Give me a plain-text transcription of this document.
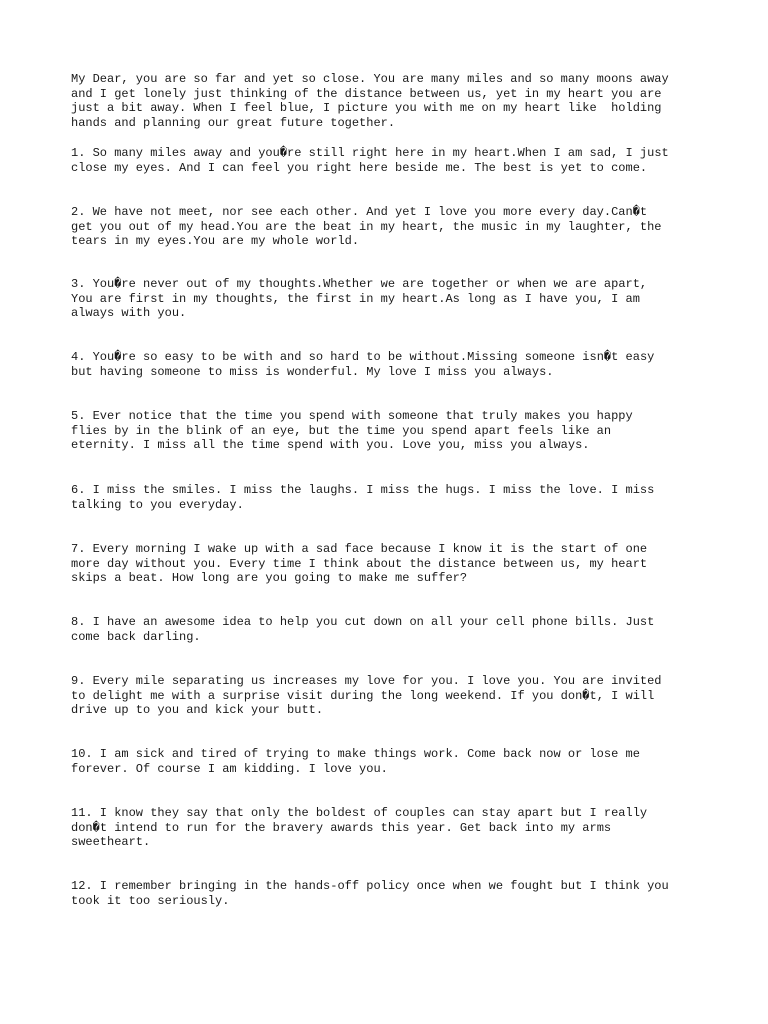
My Dear, you are so far and yet so close. You are many miles and so many moons away
and I get lonely just thinking of the distance between us, yet in my heart you are
just a bit away. When I feel blue, I picture you with me on my heart like  holding
hands and planning our great future together.

1. So many miles away and you�re still right here in my heart.When I am sad, I just
close my eyes. And I can feel you right here beside me. The best is yet to come.

2. We have not meet, nor see each other. And yet I love you more every day.Can�t
get you out of my head.You are the beat in my heart, the music in my laughter, the
tears in my eyes.You are my whole world.

3. You�re never out of my thoughts.Whether we are together or when we are apart,
You are first in my thoughts, the first in my heart.As long as I have you, I am
always with you.

4. You�re so easy to be with and so hard to be without.Missing someone isn�t easy
but having someone to miss is wonderful. My love I miss you always.

5. Ever notice that the time you spend with someone that truly makes you happy
flies by in the blink of an eye, but the time you spend apart feels like an
eternity. I miss all the time spend with you. Love you, miss you always.

6. I miss the smiles. I miss the laughs. I miss the hugs. I miss the love. I miss
talking to you everyday.

7. Every morning I wake up with a sad face because I know it is the start of one
more day without you. Every time I think about the distance between us, my heart
skips a beat. How long are you going to make me suffer?

8. I have an awesome idea to help you cut down on all your cell phone bills. Just
come back darling.

9. Every mile separating us increases my love for you. I love you. You are invited
to delight me with a surprise visit during the long weekend. If you don�t, I will
drive up to you and kick your butt.

10. I am sick and tired of trying to make things work. Come back now or lose me
forever. Of course I am kidding. I love you.

11. I know they say that only the boldest of couples can stay apart but I really
don�t intend to run for the bravery awards this year. Get back into my arms
sweetheart.

12. I remember bringing in the hands-off policy once when we fought but I think you
took it too seriously.
